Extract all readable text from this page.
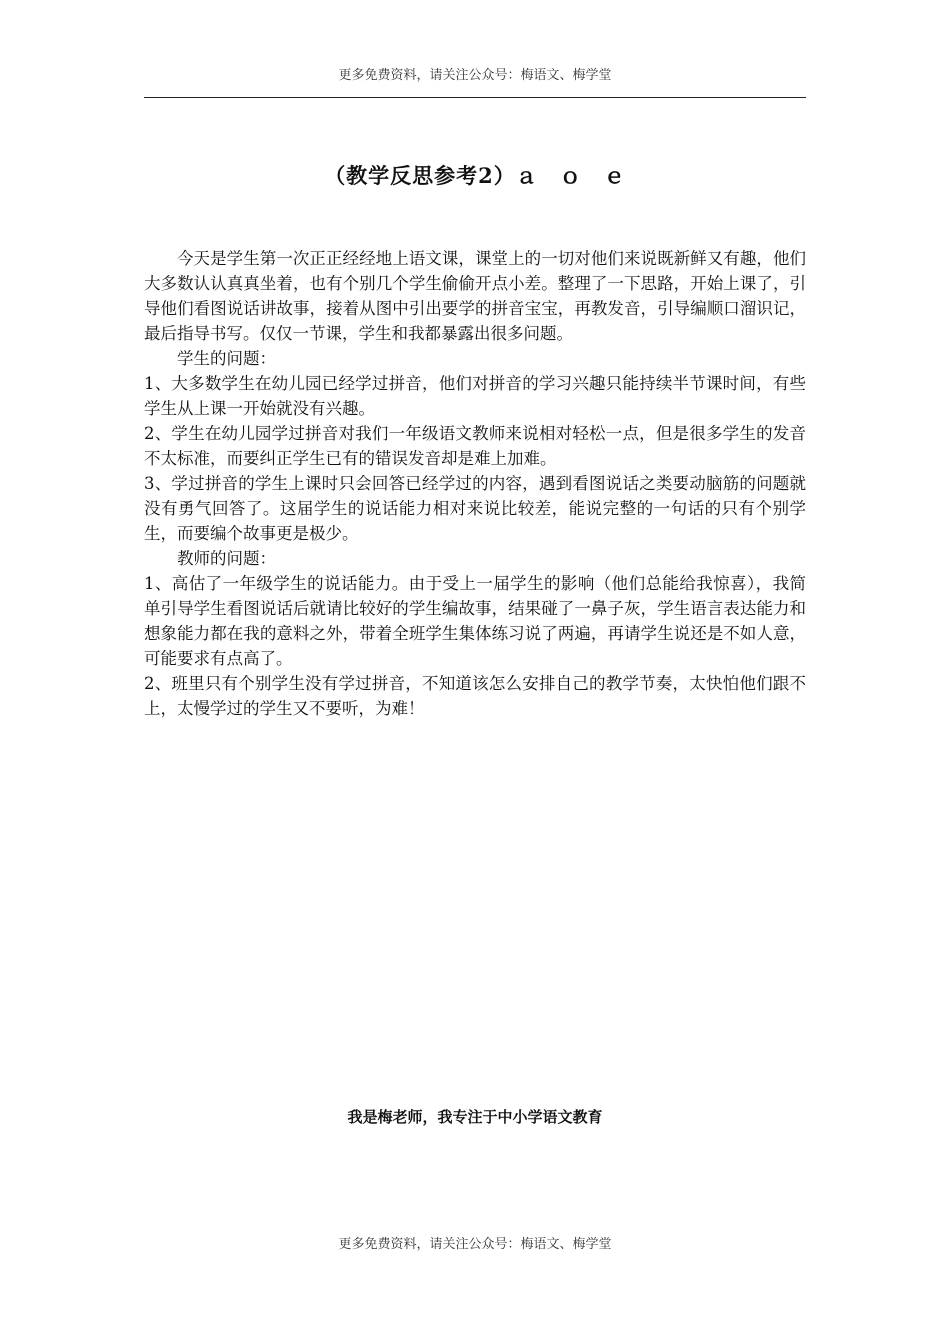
更多免费资料，请关注公众号：梅语文、梅学堂
（教学反思参考2）ａ　ｏ　ｅ

今天是学生第一次正正经经地上语文课，课堂上的一切对他们来说既新鲜又有趣，他们大多数认认真真坐着，也有个别几个学生偷偷开点小差。整理了一下思路，开始上课了，引导他们看图说话讲故事，接着从图中引出要学的拼音宝宝，再教发音，引导编顺口溜识记，最后指导书写。仅仅一节课，学生和我都暴露出很多问题。

学生的问题：

1、大多数学生在幼儿园已经学过拼音，他们对拼音的学习兴趣只能持续半节课时间，有些学生从上课一开始就没有兴趣。

2、学生在幼儿园学过拼音对我们一年级语文教师来说相对轻松一点，但是很多学生的发音不太标准，而要纠正学生已有的错误发音却是难上加难。

3、学过拼音的学生上课时只会回答已经学过的内容，遇到看图说话之类要动脑筋的问题就没有勇气回答了。这届学生的说话能力相对来说比较差，能说完整的一句话的只有个别学生，而要编个故事更是极少。

教师的问题：

1、高估了一年级学生的说话能力。由于受上一届学生的影响（他们总能给我惊喜），我简单引导学生看图说话后就请比较好的学生编故事，结果碰了一鼻子灰，学生语言表达能力和想象能力都在我的意料之外，带着全班学生集体练习说了两遍，再请学生说还是不如人意，可能要求有点高了。

2、班里只有个别学生没有学过拼音，不知道该怎么安排自己的教学节奏，太快怕他们跟不上，太慢学过的学生又不要听，为难！

我是梅老师，我专注于中小学语文教育
更多免费资料，请关注公众号：梅语文、梅学堂
